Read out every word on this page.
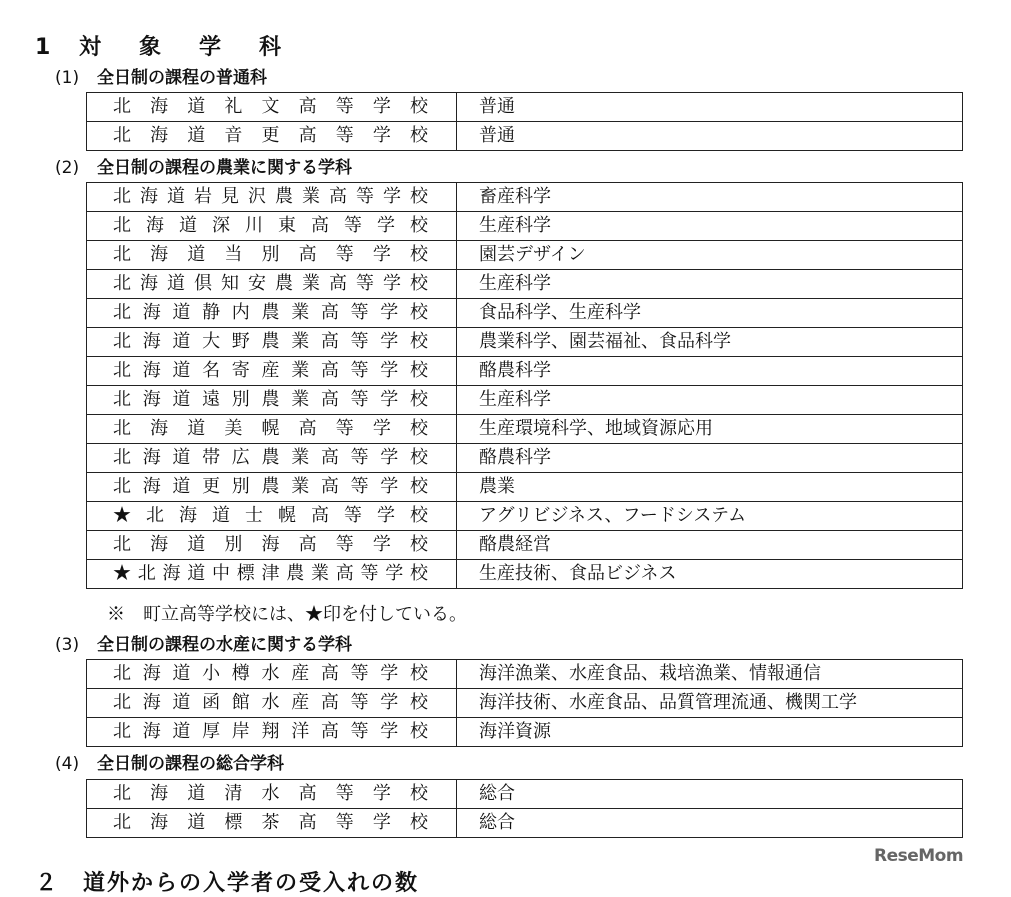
1 対象学科
(1) 全日制の課程の普通科
北海道礼文高等学校	普通
北海道音更高等学校	普通
(2) 全日制の課程の農業に関する学科
北海道岩見沢農業高等学校	畜産科学
北海道深川東高等学校	生産科学
北海道当別高等学校	園芸デザイン
北海道倶知安農業高等学校	生産科学
北海道静内農業高等学校	食品科学、生産科学
北海道大野農業高等学校	農業科学、園芸福祉、食品科学
北海道名寄産業高等学校	酪農科学
北海道遠別農業高等学校	生産科学
北海道美幌高等学校	生産環境科学、地域資源応用
北海道帯広農業高等学校	酪農科学
北海道更別農業高等学校	農業
★北海道士幌高等学校	アグリビジネス、フードシステム
北海道別海高等学校	酪農経営
★北海道中標津農業高等学校	生産技術、食品ビジネス
※　町立高等学校には、★印を付している。
(3) 全日制の課程の水産に関する学科
北海道小樽水産高等学校	海洋漁業、水産食品、栽培漁業、情報通信
北海道函館水産高等学校	海洋技術、水産食品、品質管理流通、機関工学
北海道厚岸翔洋高等学校	海洋資源
(4) 全日制の課程の総合学科
北海道清水高等学校	総合
北海道標茶高等学校	総合
２　道外からの入学者の受入れの数
ReseMom
